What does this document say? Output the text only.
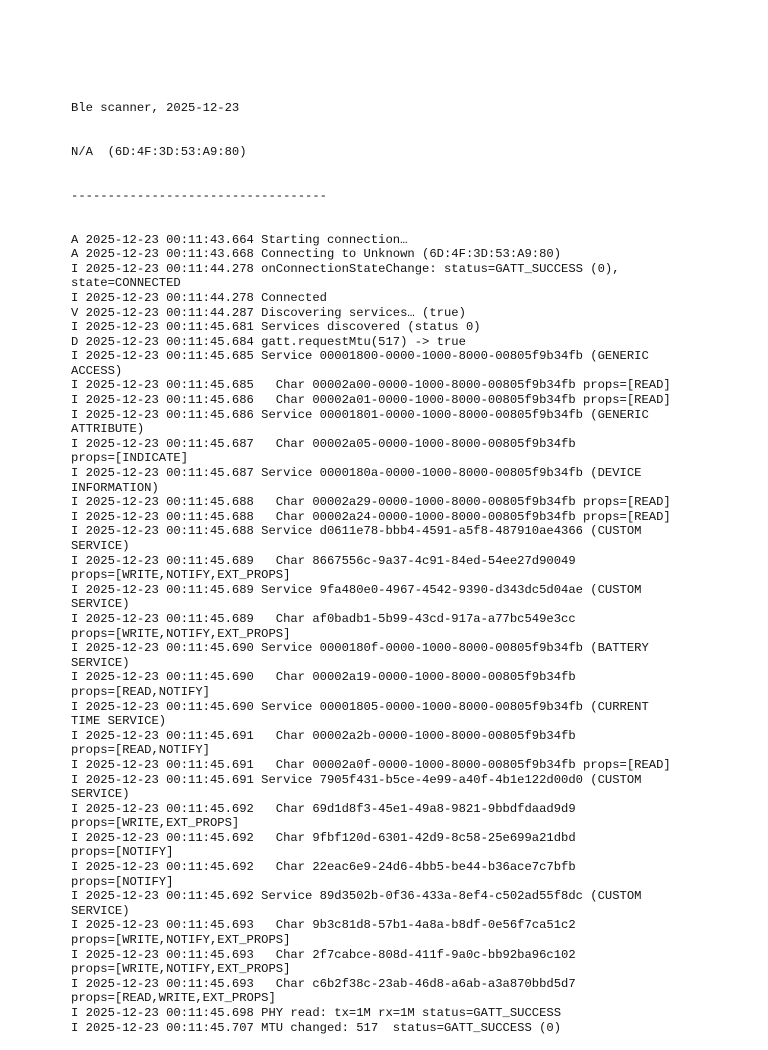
Ble scanner, 2025-12-23

N/A  (6D:4F:3D:53:A9:80)

-----------------------------------

A 2025-12-23 00:11:43.664 Starting connection…
A 2025-12-23 00:11:43.668 Connecting to Unknown (6D:4F:3D:53:A9:80)
I 2025-12-23 00:11:44.278 onConnectionStateChange: status=GATT_SUCCESS (0),
state=CONNECTED
I 2025-12-23 00:11:44.278 Connected
V 2025-12-23 00:11:44.287 Discovering services… (true)
I 2025-12-23 00:11:45.681 Services discovered (status 0)
D 2025-12-23 00:11:45.684 gatt.requestMtu(517) -> true
I 2025-12-23 00:11:45.685 Service 00001800-0000-1000-8000-00805f9b34fb (GENERIC
ACCESS)
I 2025-12-23 00:11:45.685   Char 00002a00-0000-1000-8000-00805f9b34fb props=[READ]
I 2025-12-23 00:11:45.686   Char 00002a01-0000-1000-8000-00805f9b34fb props=[READ]
I 2025-12-23 00:11:45.686 Service 00001801-0000-1000-8000-00805f9b34fb (GENERIC
ATTRIBUTE)
I 2025-12-23 00:11:45.687   Char 00002a05-0000-1000-8000-00805f9b34fb
props=[INDICATE]
I 2025-12-23 00:11:45.687 Service 0000180a-0000-1000-8000-00805f9b34fb (DEVICE
INFORMATION)
I 2025-12-23 00:11:45.688   Char 00002a29-0000-1000-8000-00805f9b34fb props=[READ]
I 2025-12-23 00:11:45.688   Char 00002a24-0000-1000-8000-00805f9b34fb props=[READ]
I 2025-12-23 00:11:45.688 Service d0611e78-bbb4-4591-a5f8-487910ae4366 (CUSTOM
SERVICE)
I 2025-12-23 00:11:45.689   Char 8667556c-9a37-4c91-84ed-54ee27d90049
props=[WRITE,NOTIFY,EXT_PROPS]
I 2025-12-23 00:11:45.689 Service 9fa480e0-4967-4542-9390-d343dc5d04ae (CUSTOM
SERVICE)
I 2025-12-23 00:11:45.689   Char af0badb1-5b99-43cd-917a-a77bc549e3cc
props=[WRITE,NOTIFY,EXT_PROPS]
I 2025-12-23 00:11:45.690 Service 0000180f-0000-1000-8000-00805f9b34fb (BATTERY
SERVICE)
I 2025-12-23 00:11:45.690   Char 00002a19-0000-1000-8000-00805f9b34fb
props=[READ,NOTIFY]
I 2025-12-23 00:11:45.690 Service 00001805-0000-1000-8000-00805f9b34fb (CURRENT
TIME SERVICE)
I 2025-12-23 00:11:45.691   Char 00002a2b-0000-1000-8000-00805f9b34fb
props=[READ,NOTIFY]
I 2025-12-23 00:11:45.691   Char 00002a0f-0000-1000-8000-00805f9b34fb props=[READ]
I 2025-12-23 00:11:45.691 Service 7905f431-b5ce-4e99-a40f-4b1e122d00d0 (CUSTOM
SERVICE)
I 2025-12-23 00:11:45.692   Char 69d1d8f3-45e1-49a8-9821-9bbdfdaad9d9
props=[WRITE,EXT_PROPS]
I 2025-12-23 00:11:45.692   Char 9fbf120d-6301-42d9-8c58-25e699a21dbd
props=[NOTIFY]
I 2025-12-23 00:11:45.692   Char 22eac6e9-24d6-4bb5-be44-b36ace7c7bfb
props=[NOTIFY]
I 2025-12-23 00:11:45.692 Service 89d3502b-0f36-433a-8ef4-c502ad55f8dc (CUSTOM
SERVICE)
I 2025-12-23 00:11:45.693   Char 9b3c81d8-57b1-4a8a-b8df-0e56f7ca51c2
props=[WRITE,NOTIFY,EXT_PROPS]
I 2025-12-23 00:11:45.693   Char 2f7cabce-808d-411f-9a0c-bb92ba96c102
props=[WRITE,NOTIFY,EXT_PROPS]
I 2025-12-23 00:11:45.693   Char c6b2f38c-23ab-46d8-a6ab-a3a870bbd5d7
props=[READ,WRITE,EXT_PROPS]
I 2025-12-23 00:11:45.698 PHY read: tx=1M rx=1M status=GATT_SUCCESS
I 2025-12-23 00:11:45.707 MTU changed: 517  status=GATT_SUCCESS (0)
